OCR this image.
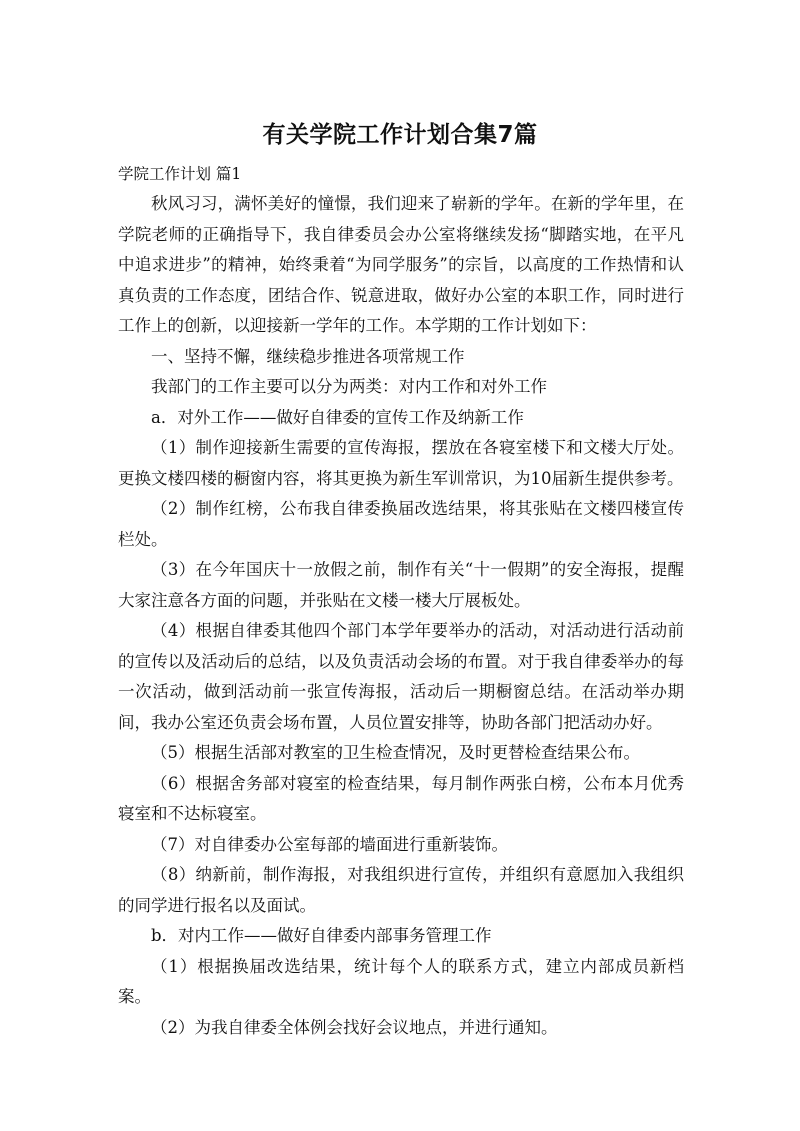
有关学院工作计划合集7篇
学院工作计划 篇1

秋风习习，满怀美好的憧憬，我们迎来了崭新的学年。在新的学年里，在学院老师的正确指导下，我自律委员会办公室将继续发扬“脚踏实地，在平凡中追求进步”的精神，始终秉着“为同学服务”的宗旨，以高度的工作热情和认真负责的工作态度，团结合作、锐意进取，做好办公室的本职工作，同时进行工作上的创新，以迎接新一学年的工作。本学期的工作计划如下：

一、坚持不懈，继续稳步推进各项常规工作

我部门的工作主要可以分为两类：对内工作和对外工作

a．对外工作——做好自律委的宣传工作及纳新工作

（1）制作迎接新生需要的宣传海报，摆放在各寝室楼下和文楼大厅处。更换文楼四楼的橱窗内容，将其更换为新生军训常识，为10届新生提供参考。

（2）制作红榜，公布我自律委换届改选结果，将其张贴在文楼四楼宣传栏处。

（3）在今年国庆十一放假之前，制作有关“十一假期”的安全海报，提醒大家注意各方面的问题，并张贴在文楼一楼大厅展板处。

（4）根据自律委其他四个部门本学年要举办的活动，对活动进行活动前的宣传以及活动后的总结，以及负责活动会场的布置。对于我自律委举办的每一次活动，做到活动前一张宣传海报，活动后一期橱窗总结。在活动举办期间，我办公室还负责会场布置，人员位置安排等，协助各部门把活动办好。

（5）根据生活部对教室的卫生检查情况，及时更替检查结果公布。

（6）根据舍务部对寝室的检查结果，每月制作两张白榜，公布本月优秀寝室和不达标寝室。

（7）对自律委办公室每部的墙面进行重新装饰。

（8）纳新前，制作海报，对我组织进行宣传，并组织有意愿加入我组织的同学进行报名以及面试。

b．对内工作——做好自律委内部事务管理工作

（1）根据换届改选结果，统计每个人的联系方式，建立内部成员新档案。

（2）为我自律委全体例会找好会议地点，并进行通知。
